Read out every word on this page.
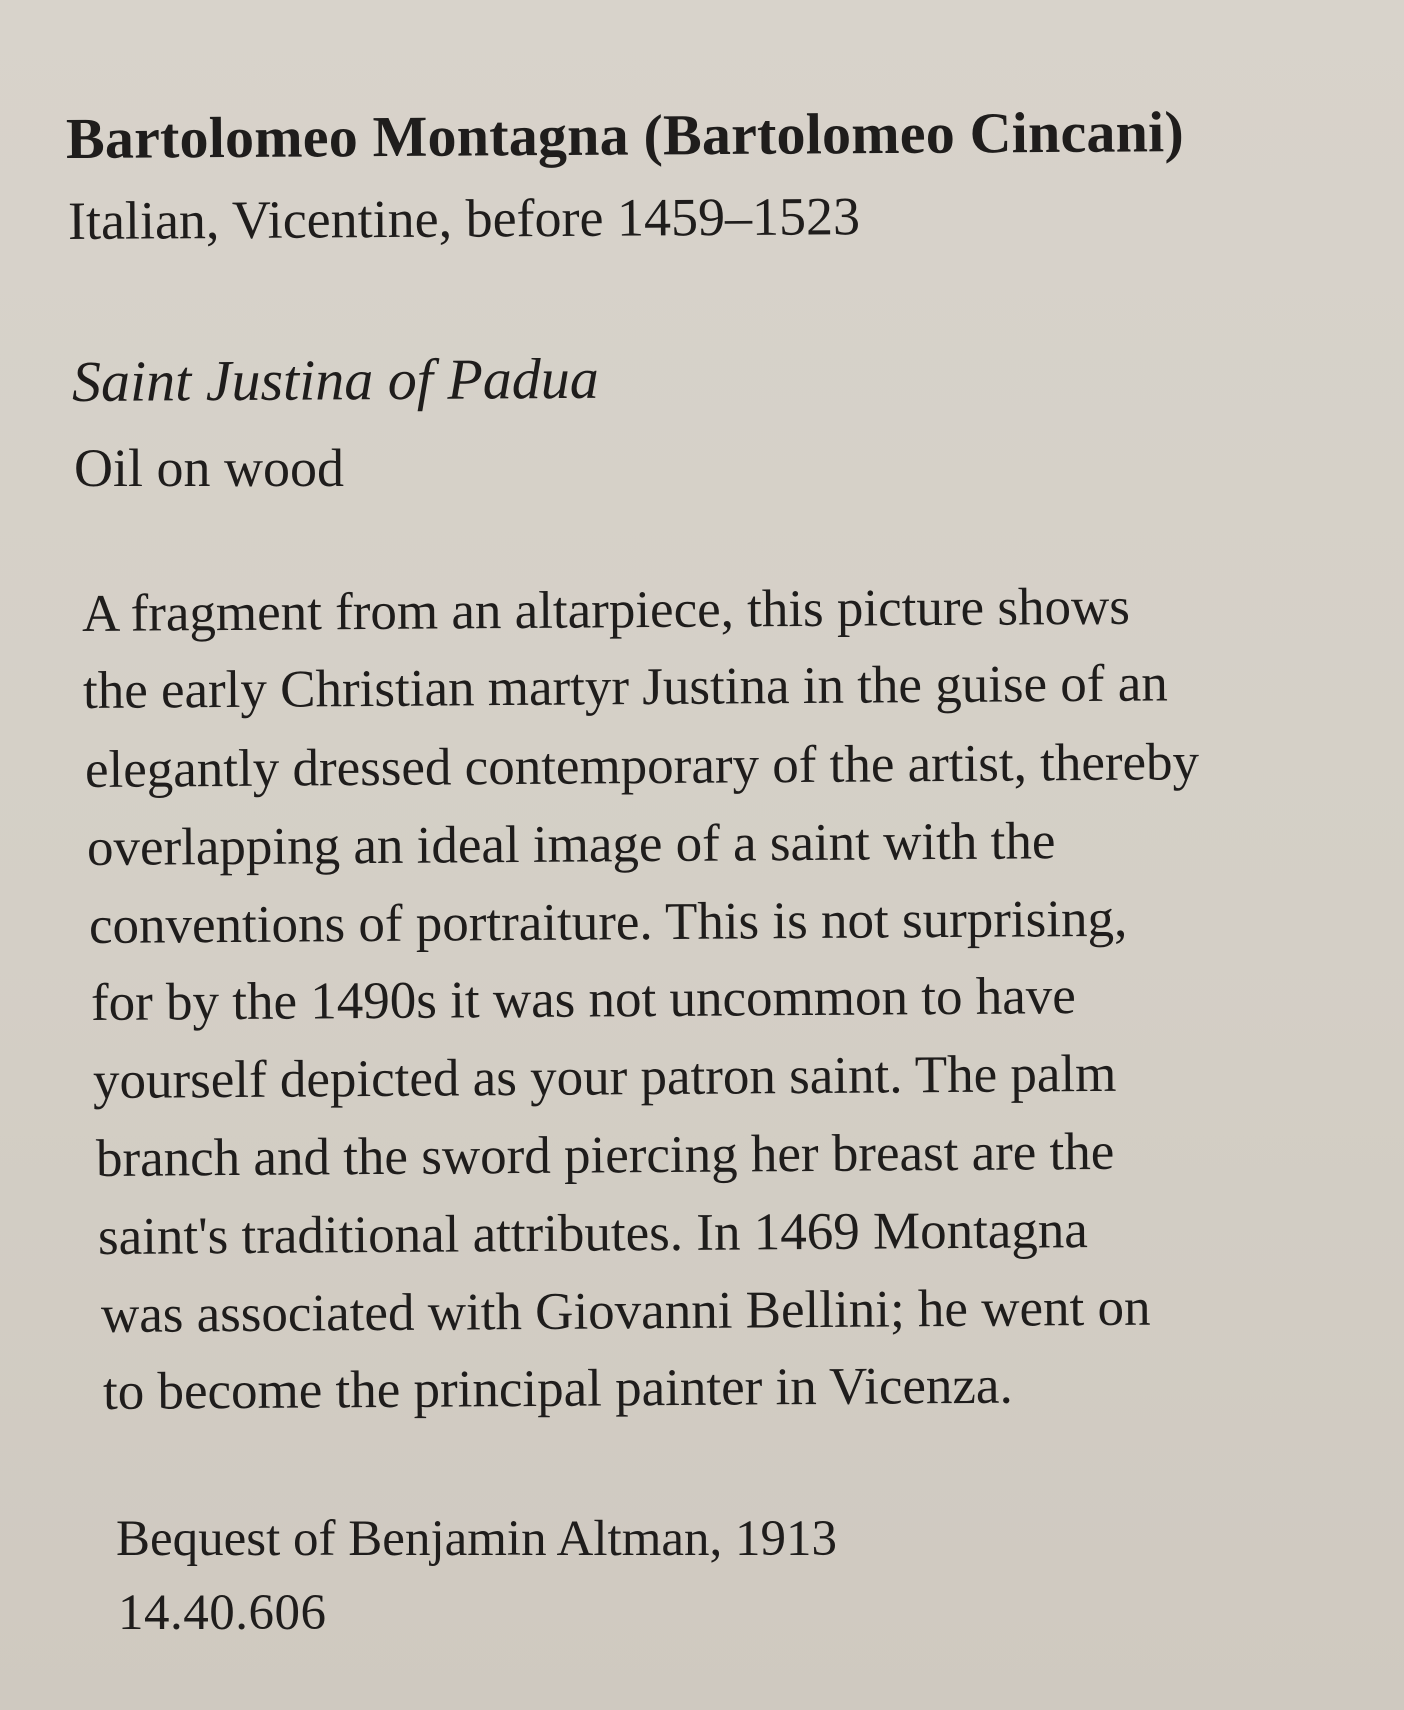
Bartolomeo Montagna (Bartolomeo Cincani)

Italian, Vicentine, before 1459–1523

Saint Justina of Padua

Oil on wood

A fragment from an altarpiece, this picture shows
the early Christian martyr Justina in the guise of an
elegantly dressed contemporary of the artist, thereby
overlapping an ideal image of a saint with the
conventions of portraiture. This is not surprising,
for by the 1490s it was not uncommon to have
yourself depicted as your patron saint. The palm
branch and the sword piercing her breast are the
saint's traditional attributes. In 1469 Montagna
was associated with Giovanni Bellini; he went on
to become the principal painter in Vicenza.

Bequest of Benjamin Altman, 1913

14.40.606
